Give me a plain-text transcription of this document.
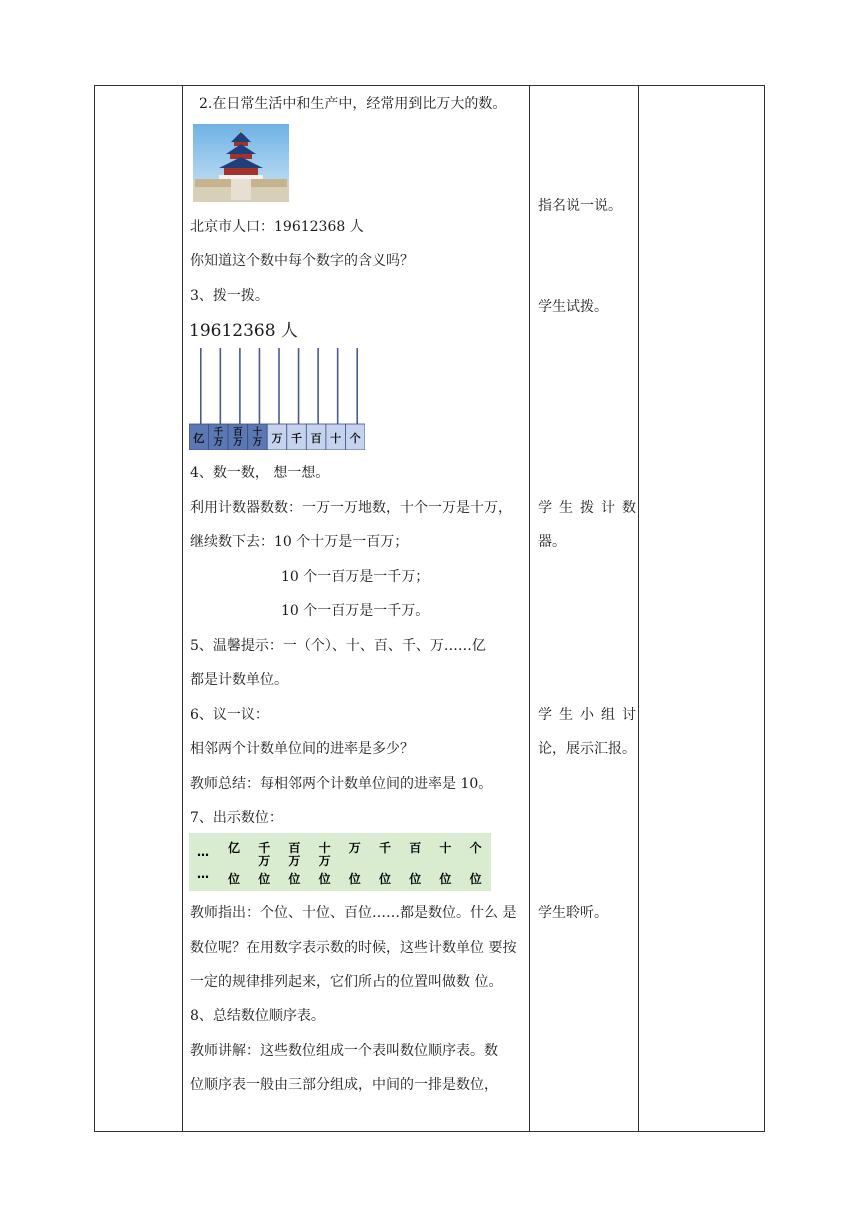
2.在日常生活中和生产中，经常用到比万大的数。
北京市人口：19612368 人
你知道这个数中每个数字的含义吗？
3、拨一拨。
19612368 人
亿 千
万
百
万
十
万 万 千 百 十 个
4、数一数， 想一想。
利用计数器数数：一万一万地数，十个一万是十万，
继续数下去：10 个十万是一百万；
10 个一百万是一千万；
10 个一百万是一千万。
5、温馨提示：一（个）、十、百、千、万……亿
都是计数单位。
6、议一议：
相邻两个计数单位间的进率是多少？
教师总结：每相邻两个计数单位间的进率是 10。
7、出示数位：
…
…
亿
位
千
万
位
百
万
位
十
万
位
万
位
千
位
百
位
十
位
个
位
教师指出：个位、十位、百位……都是数位。什么 是
数位呢？在用数字表示数的时候，这些计数单位 要按
一定的规律排列起来，它们所占的位置叫做数 位。
8、总结数位顺序表。
教师讲解：这些数位组成一个表叫数位顺序表。数
位顺序表一般由三部分组成，中间的一排是数位，
指名说一说。
学生试拨。
学生拨计数
器。
学生小组讨
论，展示汇报。
学生聆听。
